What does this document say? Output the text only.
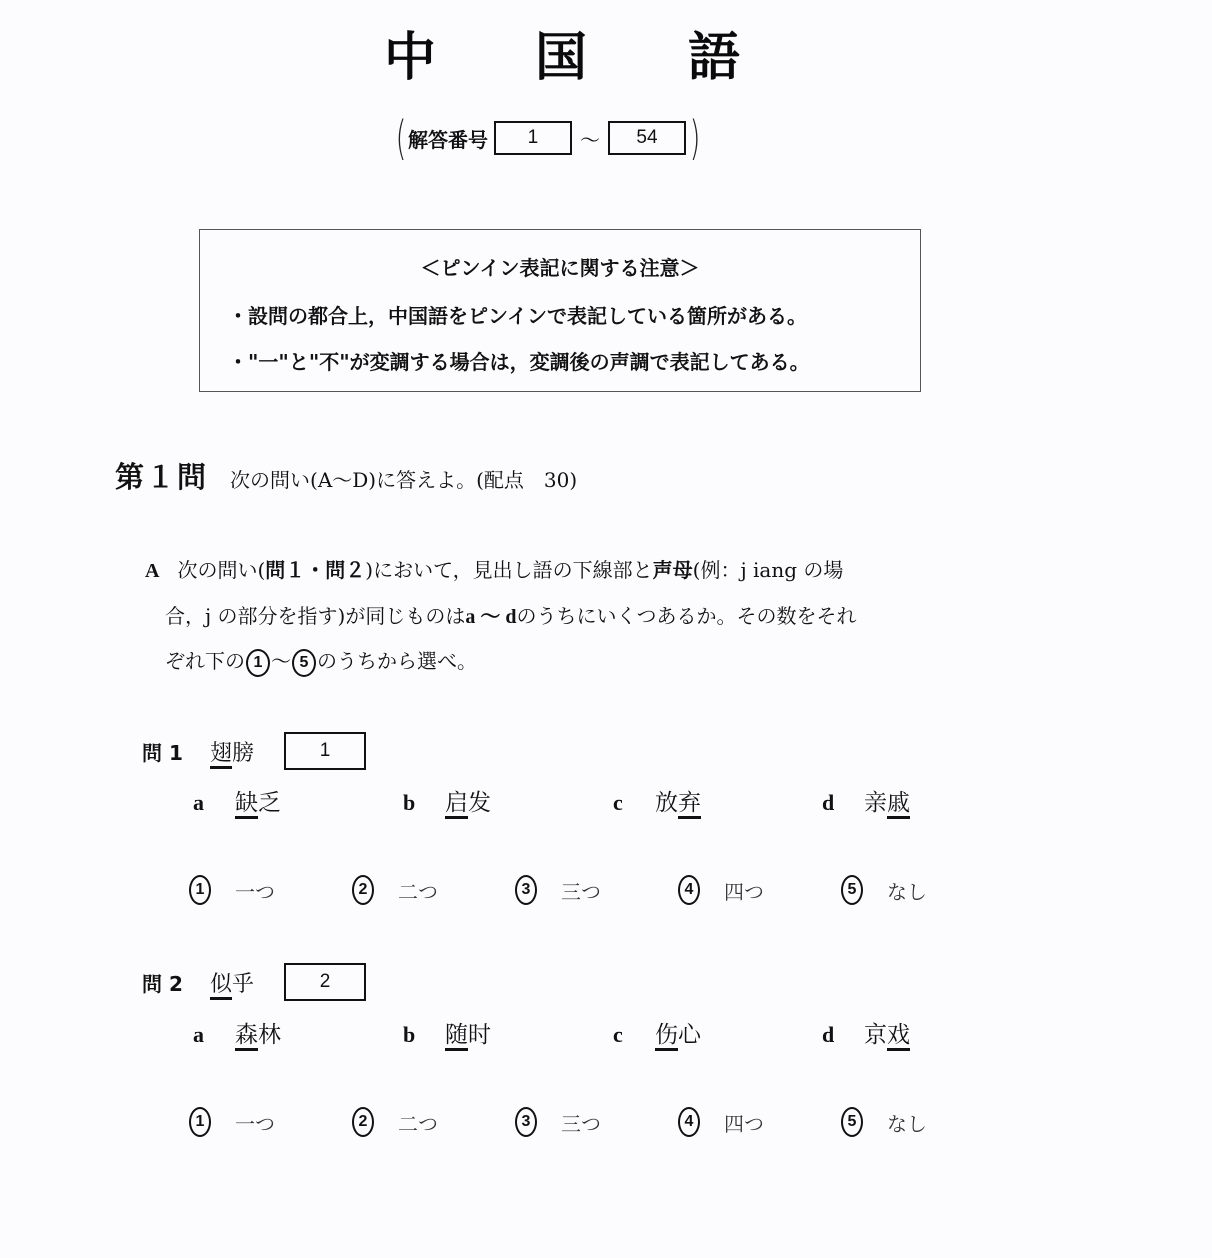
中 国 語
( 解答番号	1	～	54 )
＜ピンイン表記に関する注意＞
・設問の都合上，中国語をピンインで表記している箇所がある。
・"一"と"不"が変調する場合は，変調後の声調で表記してある。
第１問 次の問い(A～D)に答えよ。(配点　30)
A 次の問い(問１・問２)において，見出し語の下線部と声母(例：j iang の場
合，j の部分を指す)が同じものはa ～ dのうちにいくつあるか。その数をそれ
ぞれ下の 1 ～ 5 のうちから選べ。
問 1	翅膀	1
a	缺乏	b	启发	c	放弃	d	亲戚
1	一つ	2	二つ	3	三つ	4	四つ	5	なし
問 2	似乎	2
a	森林	b	随时	c	伤心	d	京戏
1	一つ	2	二つ	3	三つ	4	四つ	5	なし
